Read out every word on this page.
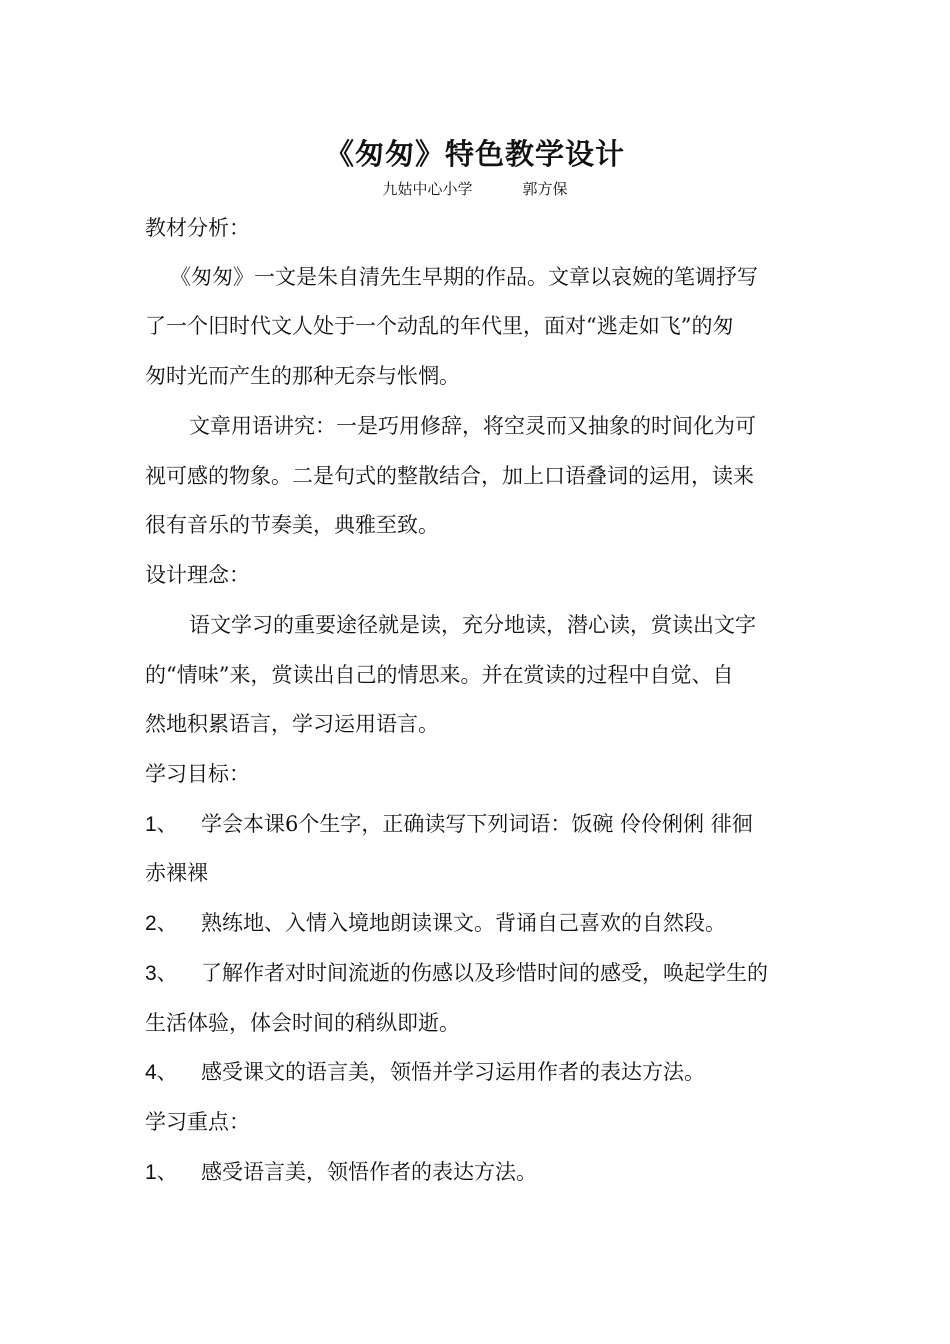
《匆匆》特色教学设计
九姑中心小学	郭方保
教材分析：
《匆匆》一文是朱自清先生早期的作品。文章以哀婉的笔调抒写
了一个旧时代文人处于一个动乱的年代里，面对“逃走如飞”的匆
匆时光而产生的那种无奈与怅惘。
文章用语讲究：一是巧用修辞，将空灵而又抽象的时间化为可
视可感的物象。二是句式的整散结合，加上口语叠词的运用，读来
很有音乐的节奏美，典雅至致。
设计理念：
语文学习的重要途径就是读，充分地读，潜心读，赏读出文字
的“情味”来，赏读出自己的情思来。并在赏读的过程中自觉、自
然地积累语言，学习运用语言。
学习目标：
1、 学会本课6个生字，正确读写下列词语：饭碗 伶伶俐俐 徘徊
赤裸裸
2、 熟练地、入情入境地朗读课文。背诵自己喜欢的自然段。
3、 了解作者对时间流逝的伤感以及珍惜时间的感受，唤起学生的
生活体验，体会时间的稍纵即逝。
4、 感受课文的语言美，领悟并学习运用作者的表达方法。
学习重点：
1、 感受语言美，领悟作者的表达方法。
